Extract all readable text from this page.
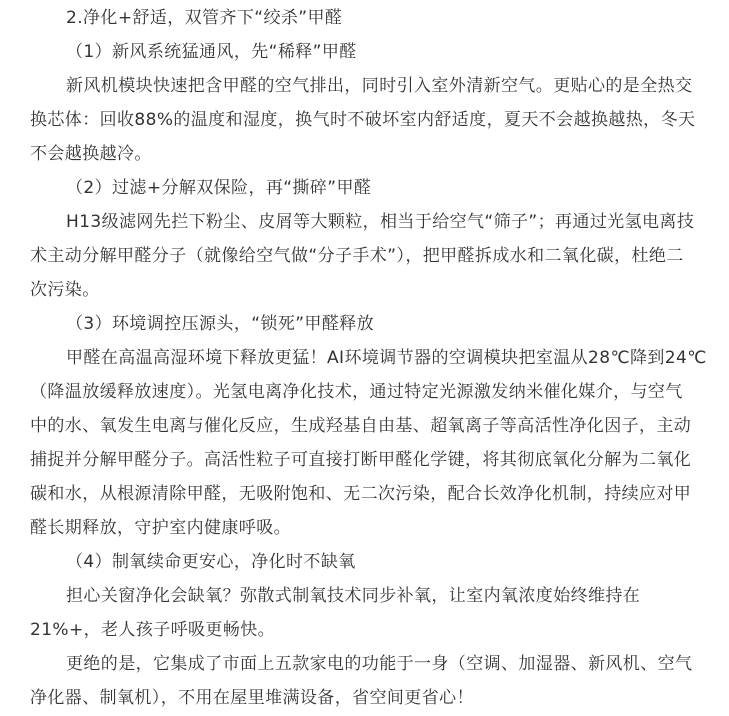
2.净化+舒适，双管齐下“绞杀”甲醛
（1）新风系统猛通风，先“稀释”甲醛
新风机模块快速把含甲醛的空气排出，同时引入室外清新空气。更贴心的是全热交
换芯体：回收88%的温度和湿度，换气时不破坏室内舒适度，夏天不会越换越热，冬天
不会越换越冷。
（2）过滤+分解双保险，再“撕碎”甲醛
H13级滤网先拦下粉尘、皮屑等大颗粒，相当于给空气“筛子”；再通过光氢电离技
术主动分解甲醛分子（就像给空气做“分子手术”），把甲醛拆成水和二氧化碳，杜绝二
次污染。
（3）环境调控压源头，“锁死”甲醛释放
甲醛在高温高湿环境下释放更猛！AI环境调节器的空调模块把室温从28℃降到24℃
（降温放缓释放速度）。光氢电离净化技术，通过特定光源激发纳米催化媒介，与空气
中的水、氧发生电离与催化反应，生成羟基自由基、超氧离子等高活性净化因子，主动
捕捉并分解甲醛分子。高活性粒子可直接打断甲醛化学键，将其彻底氧化分解为二氧化
碳和水，从根源清除甲醛，无吸附饱和、无二次污染，配合长效净化机制，持续应对甲
醛长期释放，守护室内健康呼吸。
（4）制氧续命更安心，净化时不缺氧
担心关窗净化会缺氧？弥散式制氧技术同步补氧，让室内氧浓度始终维持在
21%+，老人孩子呼吸更畅快。
更绝的是，它集成了市面上五款家电的功能于一身（空调、加湿器、新风机、空气
净化器、制氧机），不用在屋里堆满设备，省空间更省心！
